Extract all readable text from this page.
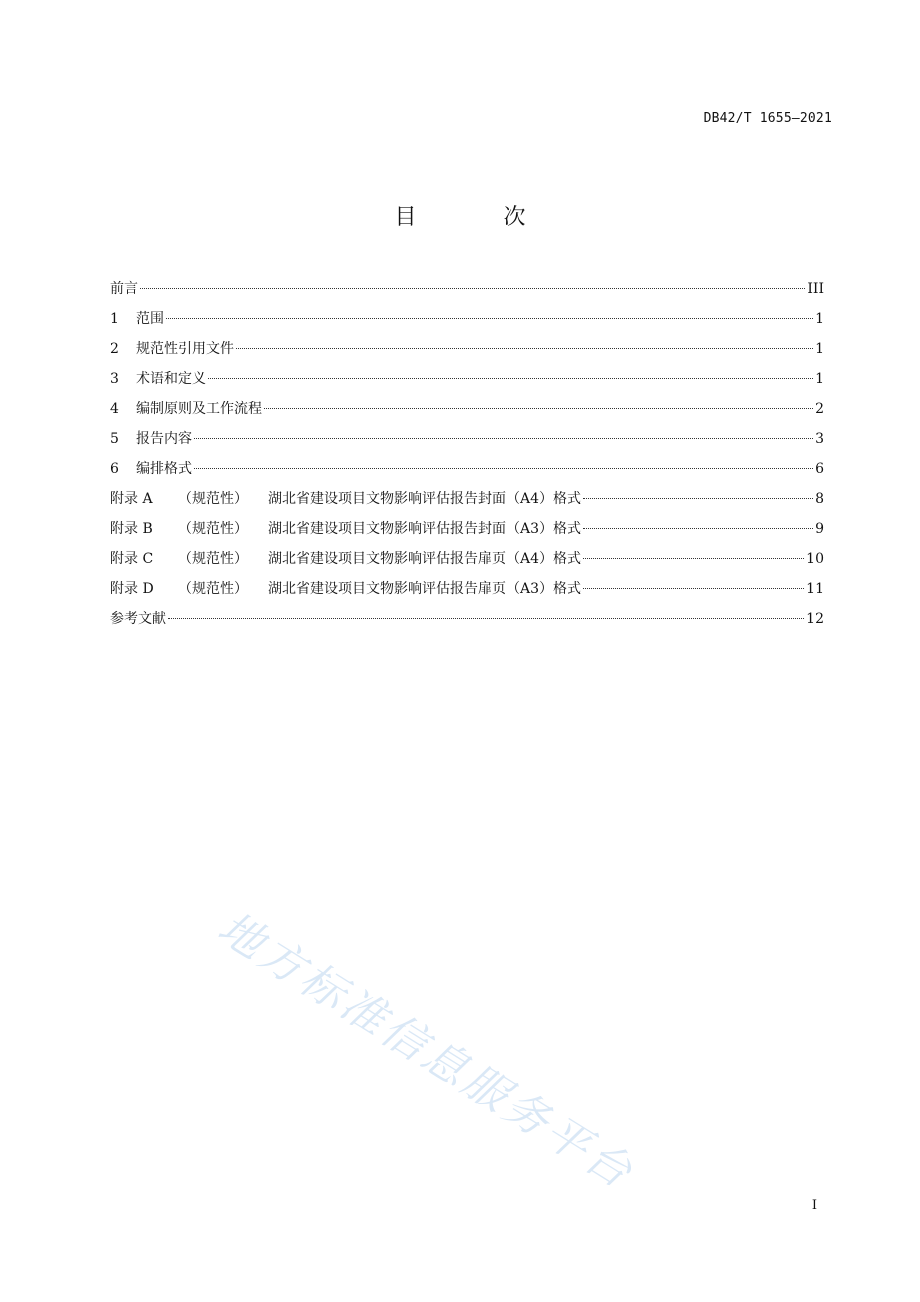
DB42/T 1655—2021
目 次
前言	III
1	范围	1
2	规范性引用文件	1
3	术语和定义	1
4	编制原则及工作流程	2
5	报告内容	3
6	编排格式	6
附录 A	（规范性）	湖北省建设项目文物影响评估报告封面（A4）格式	8
附录 B	（规范性）	湖北省建设项目文物影响评估报告封面（A3）格式	9
附录 C	（规范性）	湖北省建设项目文物影响评估报告扉页（A4）格式	10
附录 D	（规范性）	湖北省建设项目文物影响评估报告扉页（A3）格式	11
参考文献	12
地方标准信息服务平台
I
